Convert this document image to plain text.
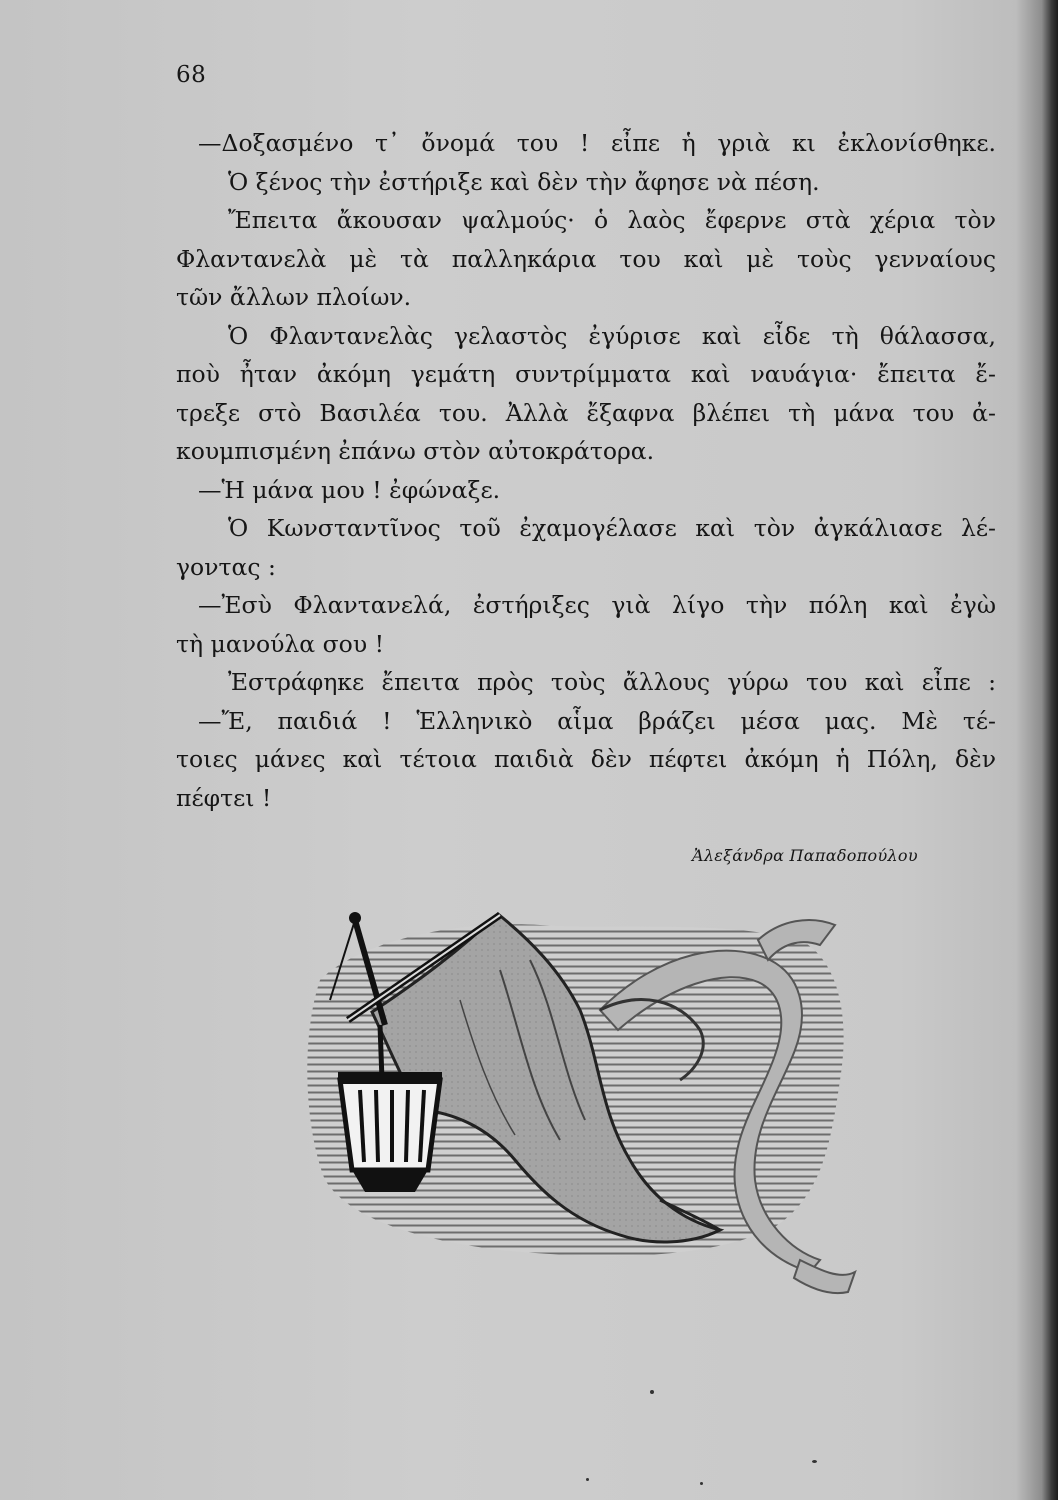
68
—Δοξασμένο τ᾿ ὄνομά του ! εἶπε ἡ γριὰ κι ἐκλονίσθηκε.
Ὁ ξένος τὴν ἐστήριξε καὶ δὲν τὴν ἄφησε νὰ πέση.
Ἔπειτα ἄκουσαν ψαλμούς· ὁ λαὸς ἔφερνε στὰ χέρια τὸν
Φλαντανελὰ μὲ τὰ παλληκάρια του καὶ μὲ τοὺς γενναίους
τῶν ἄλλων πλοίων.
Ὁ Φλαντανελὰς γελαστὸς ἐγύρισε καὶ εἶδε τὴ θάλασσα,
ποὺ ἦταν ἀκόμη γεμάτη συντρίμματα καὶ ναυάγια· ἔπειτα ἔ-
τρεξε στὸ Βασιλέα του. Ἀλλὰ ἔξαφνα βλέπει τὴ μάνα του ἀ-
κουμπισμένη ἐπάνω στὸν αὐτοκράτορα.
—Ἡ μάνα μου ! ἐφώναξε.
Ὁ Κωνσταντῖνος τοῦ ἐχαμογέλασε καὶ τὸν ἀγκάλιασε λέ-
γοντας :
—Ἐσὺ Φλαντανελά, ἐστήριξες γιὰ λίγο τὴν πόλη καὶ ἐγὼ
τὴ μανούλα σου !
Ἐστράφηκε ἔπειτα πρὸς τοὺς ἄλλους γύρω του καὶ εἶπε :
—Ἔ, παιδιά ! Ἑλληνικὸ αἷμα βράζει μέσα μας. Μὲ τέ-
τοιες μάνες καὶ τέτοια παιδιὰ δὲν πέφτει ἀκόμη ἡ Πόλη, δὲν
πέφτει !
Ἀλεξάνδρα Παπαδοπούλου
